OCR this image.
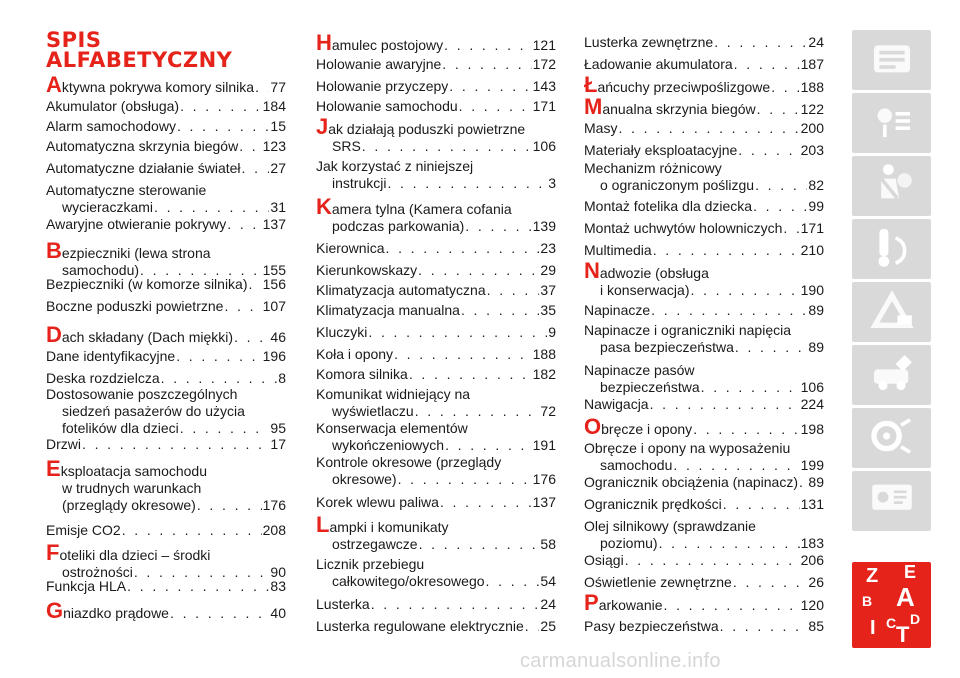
SPIS
ALFABETYCZNY
Aktywna pokrywa komory silnika . . . 77
Akumulator (obsługa) . . .	184
Alarm samochodowy . . .	15
Automatyczna skrzynia biegów . . . 123
Automatyczne działanie świateł . . . 27
Automatyczne sterowanie
wycieraczkami . . .	31
Awaryjne otwieranie pokrywy . . .	137
Bezpieczniki (lewa strona
samochodu) . . .	155
Bezpieczniki (w komorze silnika) . . . 156
Boczne poduszki powietrzne . . .	107
Dach składany (Dach miękki) . . .	46
Dane identyfikacyjne . . .	196
Deska rozdzielcza . . .	8
Dostosowanie poszczególnych
siedzeń pasażerów do użycia
fotelików dla dzieci . . .	95
Drzwi . . .	17
Eksploatacja samochodu
w trudnych warunkach
(przeglądy okresowe) . . .	176
Emisje CO2 . . .	208
Foteliki dla dzieci – środki
ostrożności . . .	90
Funkcja HLA . . .	83
Gniazdko prądowe . . .	40
Hamulec postojowy . . .	121
Holowanie awaryjne . . .	172
Holowanie przyczepy . . .	143
Holowanie samochodu . . .	171
Jak działają poduszki powietrzne
SRS . . .	106
Jak korzystać z niniejszej
instrukcji . . .	3
Kamera tylna (Kamera cofania
podczas parkowania) . . .	139
Kierownica . . .	23
Kierunkowskazy . . .	29
Klimatyzacja automatyczna . . .	37
Klimatyzacja manualna . . .	35
Kluczyki . . .	9
Koła i opony . . .	188
Komora silnika . . .	182
Komunikat widniejący na
wyświetlaczu . . .	72
Konserwacja elementów
wykończeniowych . . .	191
Kontrole okresowe (przeglądy
okresowe) . . .	176
Korek wlewu paliwa . . .	137
Lampki i komunikaty
ostrzegawcze . . .	58
Licznik przebiegu
całkowitego/okresowego . . .	54
Lusterka . . .	24
Lusterka regulowane elektrycznie . . . 25
Lusterka zewnętrzne . . .	24
Ładowanie akumulatora . . .	187
Łańcuchy przeciwpoślizgowe . . . 188
Manualna skrzynia biegów . . .	122
Masy . . .	200
Materiały eksploatacyjne . . .	203
Mechanizm różnicowy
o ograniczonym poślizgu . . .	82
Montaż fotelika dla dziecka . . .	99
Montaż uchwytów holowniczych . . . 171
Multimedia . . .	210
Nadwozie (obsługa
i konserwacja) . . .	190
Napinacze . . .	89
Napinacze i ograniczniki napięcia
pasa bezpieczeństwa . . .	89
Napinacze pasów
bezpieczeństwa . . .	106
Nawigacja . . .	224
Obręcze i opony . . .	198
Obręcze i opony na wyposażeniu
samochodu . . .	199
Ogranicznik obciążenia (napinacz) . . . 89
Ogranicznik prędkości . . .	131
Olej silnikowy (sprawdzanie
poziomu) . . .	183
Osiągi . . .	206
Oświetlenie zewnętrzne . . .	26
Parkowanie . . .	120
Pasy bezpieczeństwa . . .	85
Z E
B A
I C T
D
carmanualsonline.info
